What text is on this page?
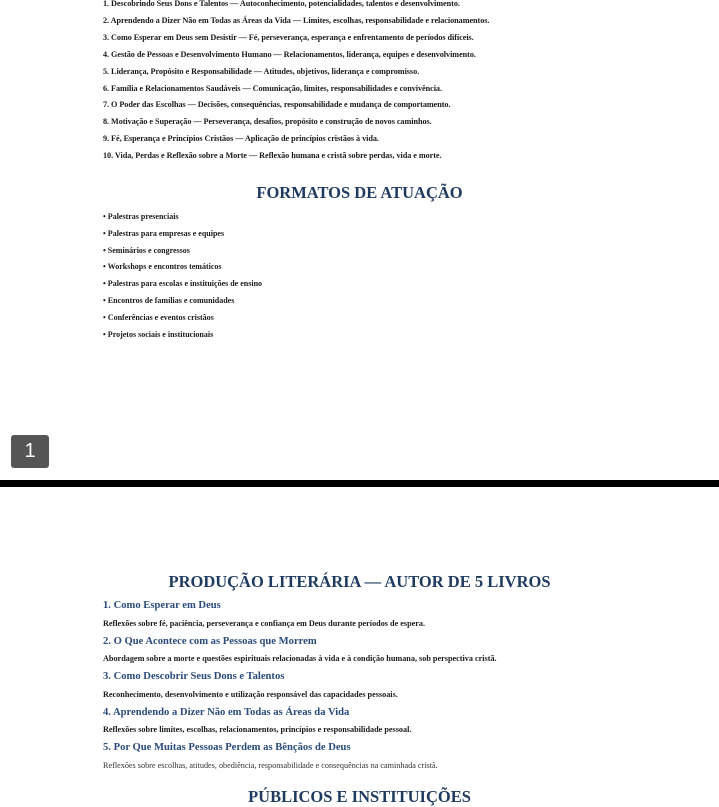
1. Descobrindo Seus Dons e Talentos — Autoconhecimento, potencialidades, talentos e desenvolvimento.
2. Aprendendo a Dizer Não em Todas as Áreas da Vida — Limites, escolhas, responsabilidade e relacionamentos.
3. Como Esperar em Deus sem Desistir — Fé, perseverança, esperança e enfrentamento de períodos difíceis.
4. Gestão de Pessoas e Desenvolvimento Humano — Relacionamentos, liderança, equipes e desenvolvimento.
5. Liderança, Propósito e Responsabilidade — Atitudes, objetivos, liderança e compromisso.
6. Família e Relacionamentos Saudáveis — Comunicação, limites, responsabilidades e convivência.
7. O Poder das Escolhas — Decisões, consequências, responsabilidade e mudança de comportamento.
8. Motivação e Superação — Perseverança, desafios, propósito e construção de novos caminhos.
9. Fé, Esperança e Princípios Cristãos — Aplicação de princípios cristãos à vida.
10. Vida, Perdas e Reflexão sobre a Morte — Reflexão humana e cristã sobre perdas, vida e morte.
FORMATOS DE ATUAÇÃO
• Palestras presenciais
• Palestras para empresas e equipes
• Seminários e congressos
• Workshops e encontros temáticos
• Palestras para escolas e instituições de ensino
• Encontros de famílias e comunidades
• Conferências e eventos cristãos
• Projetos sociais e institucionais
1
PRODUÇÃO LITERÁRIA — AUTOR DE 5 LIVROS
1. Como Esperar em Deus
Reflexões sobre fé, paciência, perseverança e confiança em Deus durante períodos de espera.
2. O Que Acontece com as Pessoas que Morrem
Abordagem sobre a morte e questões espirituais relacionadas à vida e à condição humana, sob perspectiva cristã.
3. Como Descobrir Seus Dons e Talentos
Reconhecimento, desenvolvimento e utilização responsável das capacidades pessoais.
4. Aprendendo a Dizer Não em Todas as Áreas da Vida
Reflexões sobre limites, escolhas, relacionamentos, princípios e responsabilidade pessoal.
5. Por Que Muitas Pessoas Perdem as Bênçãos de Deus
Reflexões sobre escolhas, atitudes, obediência, responsabilidade e consequências na caminhada cristã.
PÚBLICOS E INSTITUIÇÕES
